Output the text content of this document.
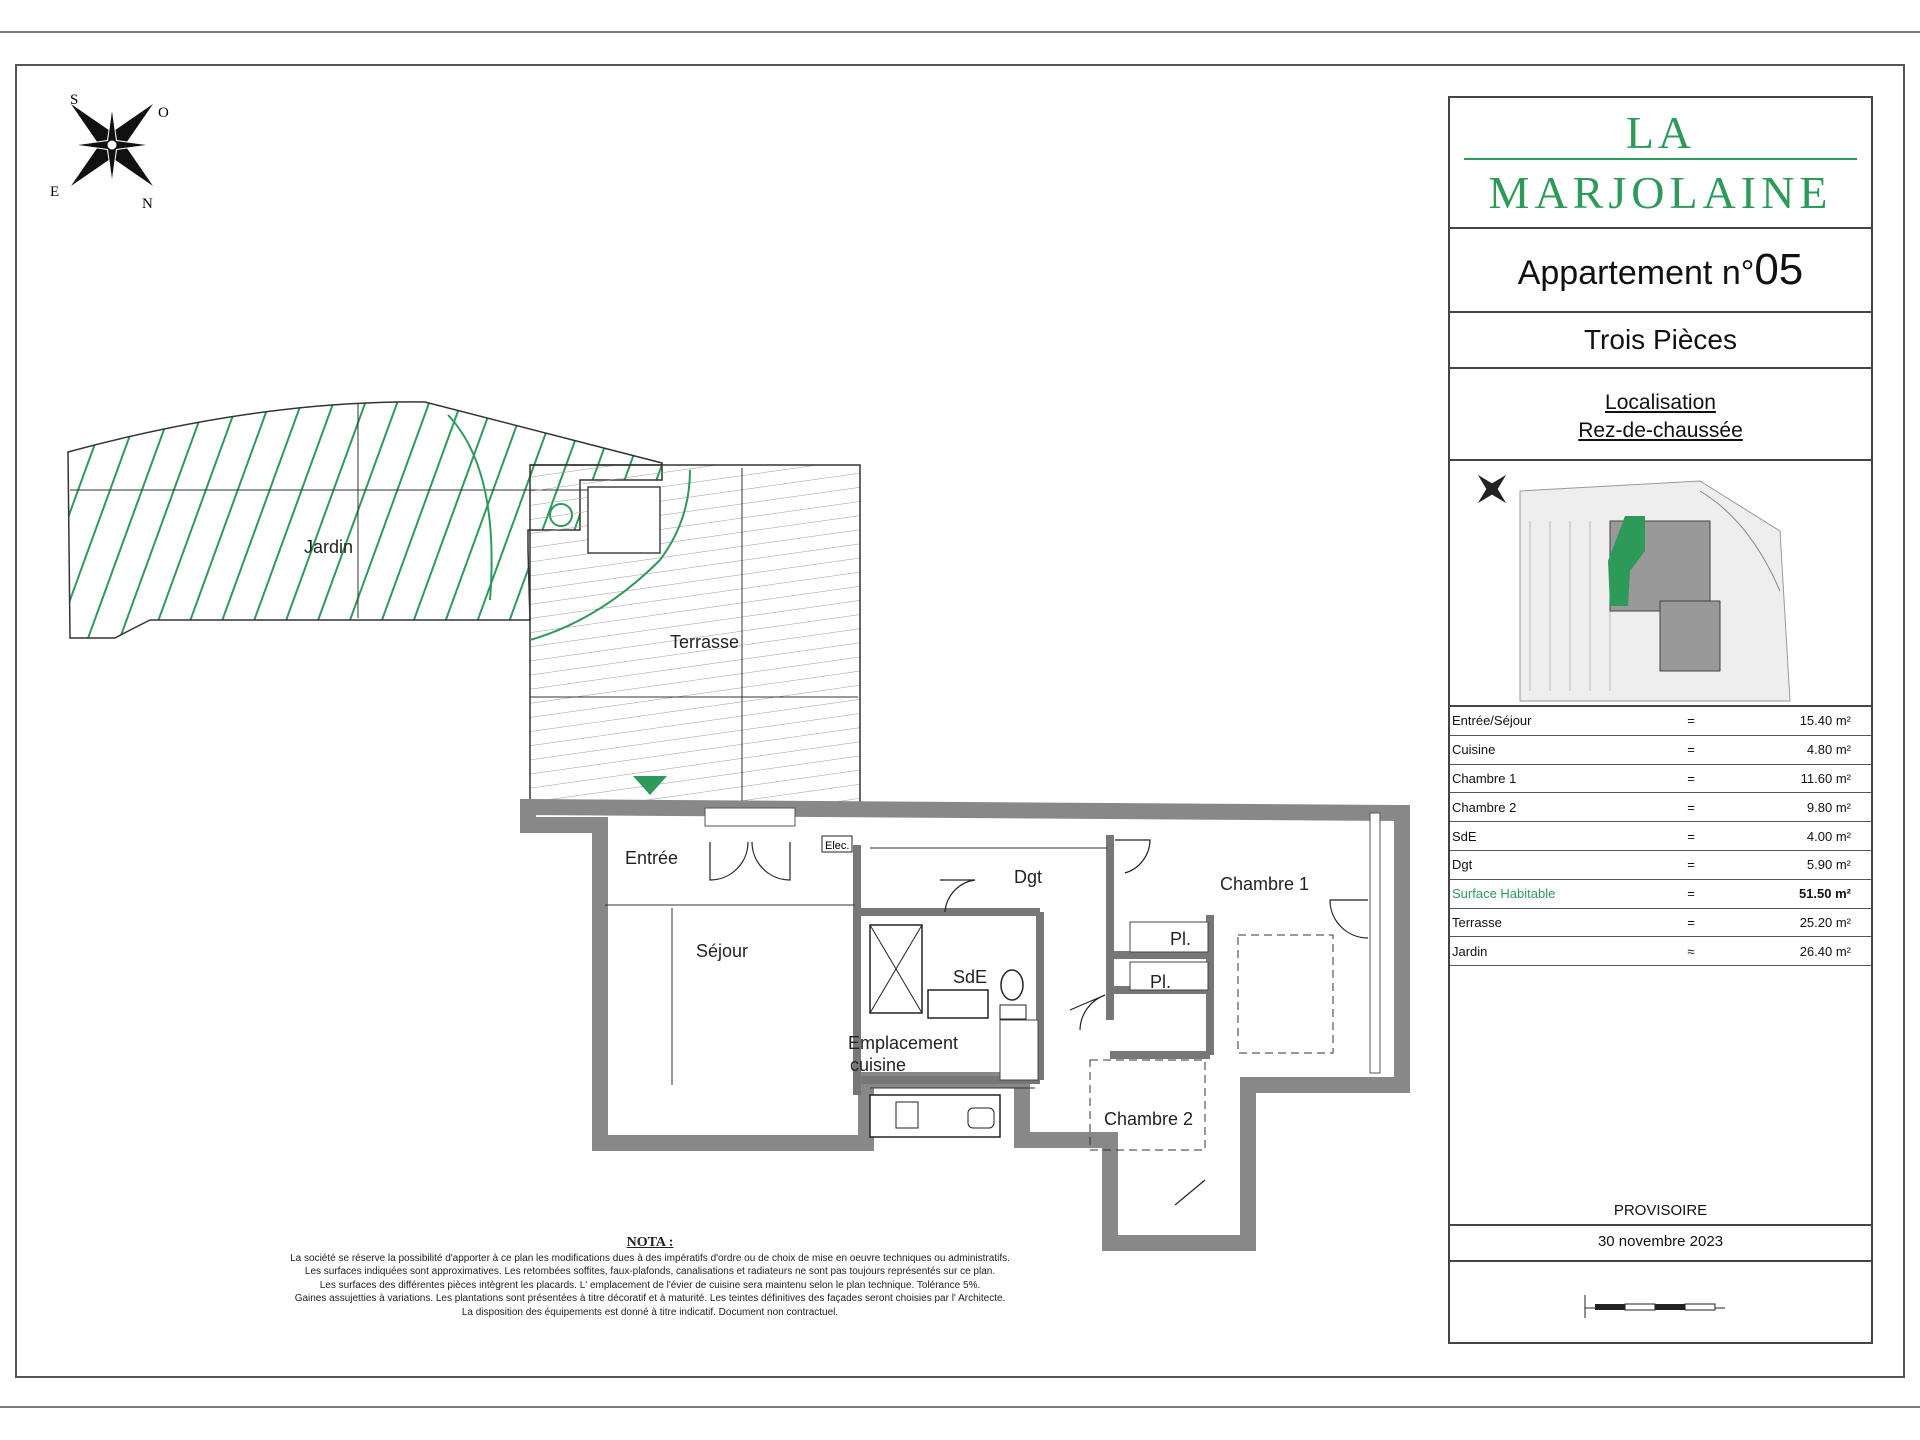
S
O
E
N
Jardin
Terrasse
Entrée
Séjour
Dgt
SdE
Chambre 1
Chambre 2
Pl.
Pl.
Elec.
Emplacement cuisine
NOTA :
La société se réserve la possibilité d'apporter à ce plan les modifications dues à des impératifs d'ordre ou de choix de mise en oeuvre techniques ou administratifs.
Les surfaces indiquées sont approximatives. Les retombées soffites, faux-plafonds, canalisations et radiateurs ne sont pas toujours représentés sur ce plan.
Les surfaces des différentes pièces intègrent les placards. L' emplacement de l'évier de cuisine sera maintenu selon le plan technique. Tolérance 5%.
Gaines assujetties à variations. Les plantations sont présentées à titre décoratif et à maturité. Les teintes définitives des façades seront choisies par l' Architecte.
La disposition des équipements est donné à titre indicatif. Document non contractuel.
LA
MARJOLAINE
Appartement n°05
Trois Pièces
Localisation
Rez-de-chaussée
Entrée/Séjour	=	15.40 m²
Cuisine	=	4.80 m²
Chambre 1	=	11.60 m²
Chambre 2	=	9.80 m²
SdE	=	4.00 m²
Dgt	=	5.90 m²
Surface Habitable	=	51.50 m²
Terrasse	=	25.20 m²
Jardin	≈	26.40 m²
PROVISOIRE
30 novembre 2023
